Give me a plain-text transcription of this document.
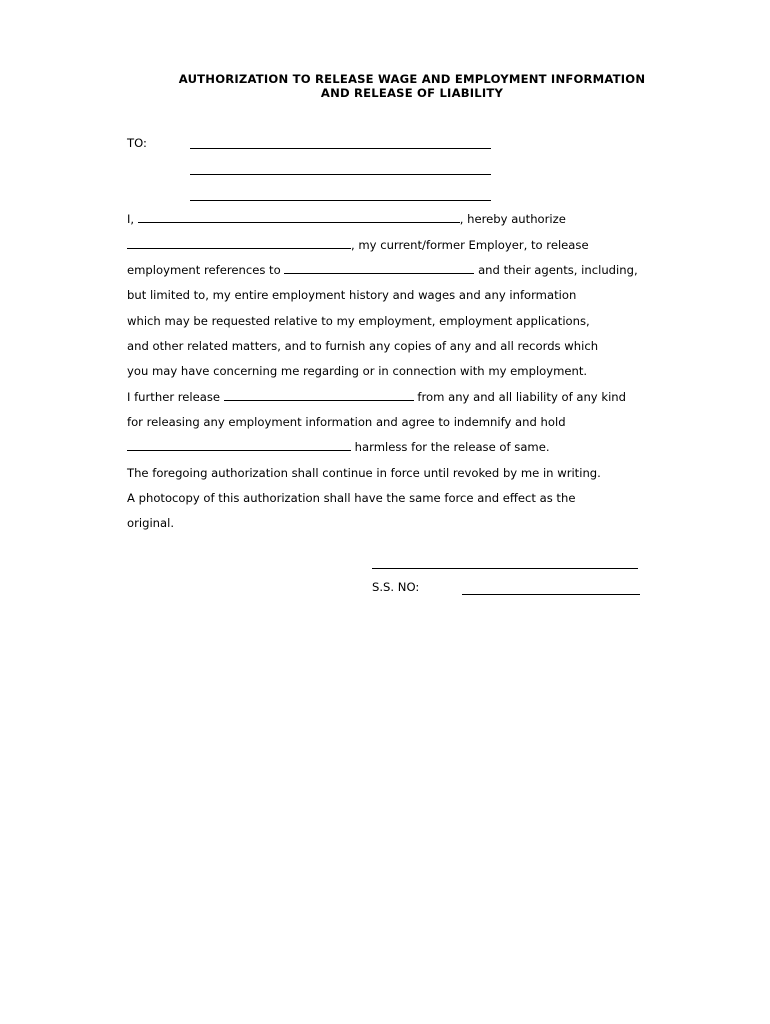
AUTHORIZATION TO RELEASE WAGE AND EMPLOYMENT INFORMATION
AND RELEASE OF LIABILITY
TO:
I,	, hereby authorize
, my current/former Employer, to release
employment references to	and their agents, including,
but limited to, my entire employment history and wages and any information
which may be requested relative to my employment, employment applications,
and other related matters, and to furnish any copies of any and all records which
you may have concerning me regarding or in connection with my employment.
I further release	from any and all liability of any kind
for releasing any employment information and agree to indemnify and hold
harmless for the release of same.
The foregoing authorization shall continue in force until revoked by me in writing.
A photocopy of this authorization shall have the same force and effect as the
original.
S.S. NO:
